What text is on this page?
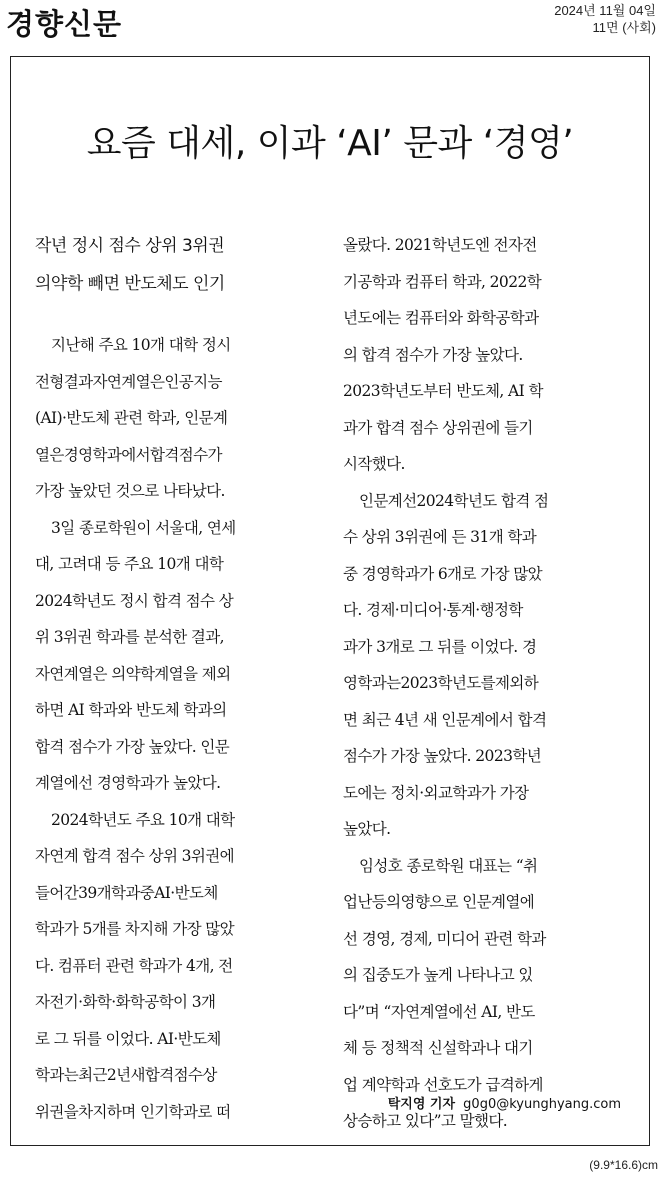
경향신문	2024년 11월 04일
11면 (사회)
요즘 대세, 이과 ‘AI’ 문과 ‘경영’
작년 정시 점수 상위 3위권
의약학 빼면 반도체도 인기
지난해 주요 10개 대학 정시
전형결과자연계열은인공지능
(AI)·반도체 관련 학과, 인문계
열은경영학과에서합격점수가
가장 높았던 것으로 나타났다.
3일 종로학원이 서울대, 연세
대, 고려대 등 주요 10개 대학
2024학년도 정시 합격 점수 상
위 3위권 학과를 분석한 결과,
자연계열은 의약학계열을 제외
하면 AI 학과와 반도체 학과의
합격 점수가 가장 높았다. 인문
계열에선 경영학과가 높았다.
2024학년도 주요 10개 대학
자연계 합격 점수 상위 3위권에
들어간39개학과중AI·반도체
학과가 5개를 차지해 가장 많았
다. 컴퓨터 관련 학과가 4개, 전
자전기·화학·화학공학이 3개
로 그 뒤를 이었다. AI·반도체
학과는최근2년새합격점수상
위권을차지하며 인기학과로 떠
올랐다. 2021학년도엔 전자전
기공학과 컴퓨터 학과, 2022학
년도에는 컴퓨터와 화학공학과
의 합격 점수가 가장 높았다.
2023학년도부터 반도체, AI 학
과가 합격 점수 상위권에 들기
시작했다.
인문계선2024학년도 합격 점
수 상위 3위권에 든 31개 학과
중 경영학과가 6개로 가장 많았
다. 경제·미디어·통계·행정학
과가 3개로 그 뒤를 이었다. 경
영학과는2023학년도를제외하
면 최근 4년 새 인문계에서 합격
점수가 가장 높았다. 2023학년
도에는 정치·외교학과가 가장
높았다.
임성호 종로학원 대표는 “취
업난등의영향으로 인문계열에
선 경영, 경제, 미디어 관련 학과
의 집중도가 높게 나타나고 있
다”며 “자연계열에선 AI, 반도
체 등 정책적 신설학과나 대기
업 계약학과 선호도가 급격하게
상승하고 있다”고 말했다.
탁지영 기자 g0g0@kyunghyang.com
(9.9*16.6)cm
